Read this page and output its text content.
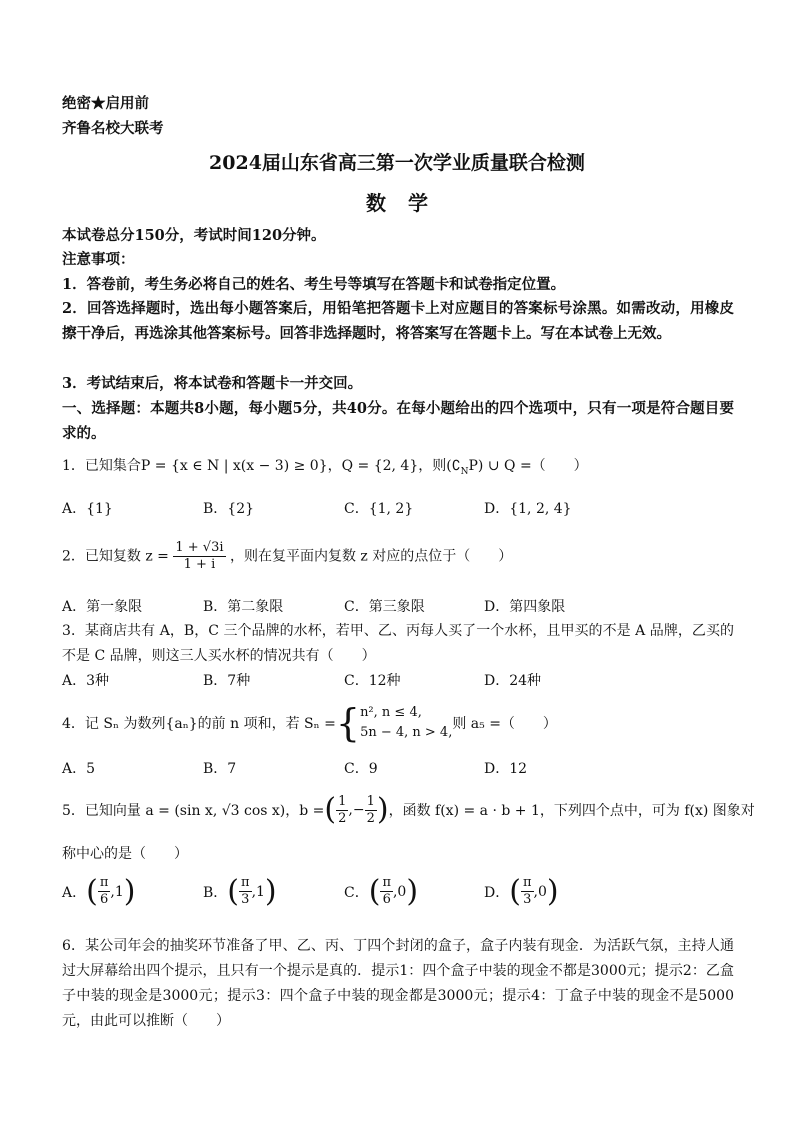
绝密★启用前
齐鲁名校大联考
2024届山东省高三第一次学业质量联合检测
数学
本试卷总分150分，考试时间120分钟。
注意事项：
1．答卷前，考生务必将自己的姓名、考生号等填写在答题卡和试卷指定位置。
2．回答选择题时，选出每小题答案后，用铅笔把答题卡上对应题目的答案标号涂黑。如需改动，用橡皮擦干净后，再选涂其他答案标号。回答非选择题时，将答案写在答题卡上。写在本试卷上无效。
3．考试结束后，将本试卷和答题卡一并交回。
一、选择题：本题共8小题，每小题5分，共40分。在每小题给出的四个选项中，只有一项是符合题目要求的。
1．已知集合P = {x ∈ N | x(x − 3) ≥ 0}，Q = {2, 4}，则$(∁_NP)$ ∪ Q =（　　）
A．{1}	B．{2}	C．{1, 2}	D．{1, 2, 4}
2．已知复数 $z = \frac{1 + √3i}{1 + i}$ ，则在复平面内复数 z 对应的点位于（　　）
A．第一象限	B．第二象限	C．第三象限	D．第四象限
3．某商店共有 A，B，C 三个品牌的水杯，若甲、乙、丙每人买了一个水杯，且甲买的不是 A 品牌，乙买的不是 C 品牌，则这三人买水杯的情况共有（　　）
A．3种	B．7种	C．12种	D．24种
4．记 Sₙ 为数列{aₙ}的前 n 项和，若 Sₙ = { n², n ≤ 4,
5n − 4, n > 4,
则 a₅ =（　　）
A．5	B．7	C．9	D．12
5．已知向量 a = (sin x, √3 cos x)，b = ( $\frac{1}{2}$ ,− $\frac{1}{2}$ ) ，函数 f(x) = a · b + 1，下列四个点中，可为 f(x) 图象对
称中心的是（　　）
A． ( $\frac{\pi}{6} ,1$ )	B． ( $\frac{\pi}{3} ,1$ )	C． ( $\frac{\pi}{6} ,0$ )	D． ( $\frac{\pi}{3} ,0$ )
6．某公司年会的抽奖环节准备了甲、乙、丙、丁四个封闭的盒子，盒子内装有现金．为活跃气氛，主持人通过大屏幕给出四个提示，且只有一个提示是真的．提示1：四个盒子中装的现金不都是3000元；提示2：乙盒子中装的现金是3000元；提示3：四个盒子中装的现金都是3000元；提示4：丁盒子中装的现金不是5000元，由此可以推断（　　）
